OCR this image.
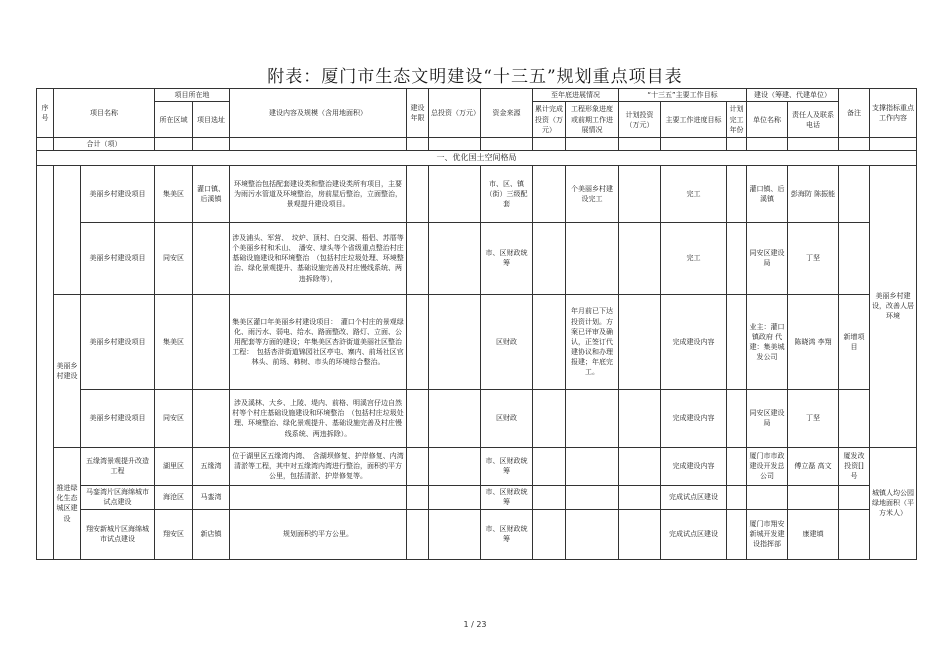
附表：厦门市生态文明建设“十三五”规划重点项目表
序号	项目名称		项目所在地		建设内容及规模（含用地面积）	建设年限	总投资（万元）	资金来源	至年底进展情况		“十三五”主要工作目标			建设（筹建、代建单位）		备注	支撑指标重点工作内容
			所在区域	项目选址					累计完成投资（万元）	工程形象进度或前期工作进展情况	计划投资（万元）	主要工作进度目标	计划完工年份	单位名称	责任人及联系电话		

	合计（项）																
一、优化国土空间格局																	
		美丽乡村建设项目	集美区	灌口镇、后溪镇	环境整治包括配套建设类和整治建设类所有项目，主要为雨污水管道及环境整治，房前屋后整治，立面整治，景观提升建设项目。			市、区、镇（街）三级配套		个美丽乡村建设完工		完工		灌口镇、后溪镇	彭海防 陈振能		美丽乡村建设，改善人居环境
		美丽乡村建设项目	同安区		涉及浦头、军营、　坟炉、顶村、白交洞、梧侣、苏厝等个美丽乡村和禾山、　潘安、埭头等个省级重点整治村庄基础设施建设和环境整治　（包括村庄垃圾处理、环境整治、绿化景观提升、基础设施完善及村庄慢线系统、两违拆除等），			市、区财政统筹				完工		同安区建设局	丁坚		
	美丽乡村建设	美丽乡村建设项目	集美区		集美区灌口年美丽乡村建设项目：　灌口个村庄的景观绿化、雨污水、弱电、给水、路面整改、路灯、立面、公用配套等方面的建设；年集美区杏浒街道美丽社区整治工程：　包括杏浒街道锦园社区亭屯、寨内、前场社区官林头、前场、柿树、市头的环境综合整治。			区财政		年月前已下达投资计划。方案已评审及确认，正签订代建协议和办理报建；年底完工。		完成建设内容		业主：灌口镇政府 代建：集美城发公司	陈晓鸿 李翔	新增项目	
		美丽乡村建设项目	同安区		涉及溪林、大乡、上陵、堤内、前格、明溪宫仔边自然村等个村庄基础设施建设和环境整治　（包括村庄垃圾处理、环境整治、绿化景观提升、基础设施完善及村庄慢线系统、两违拆除）。			区财政				完成建设内容		同安区建设局	丁坚		
	推进绿化生态城区建设	五缘湾景观提升改造工程	湖里区	五缘湾	位于湖里区五缘湾内湾、　含湖坝修复、护岸修复、内湾清淤等工程，其中对五缘湾内湾进行整治，面积约平方公里，包括清淤、护岸修复等。			市、区财政统筹				完成建设内容		厦门市市政建设开发总公司	傅立磊 高文	厦发改投资[]号	城镇人均公园绿地面积（平方米人）
		马銮湾片区海绵城市试点建设	海沧区	马銮湾				市、区财政统筹				完成试点区建设					
		翔安新城片区海绵城市试点建设	翔安区	新店镇	规划面积约平方公里。			市、区财政统筹				完成试点区建设		厦门市翔安新城开发建设指挥部	康建填		
1 / 23
